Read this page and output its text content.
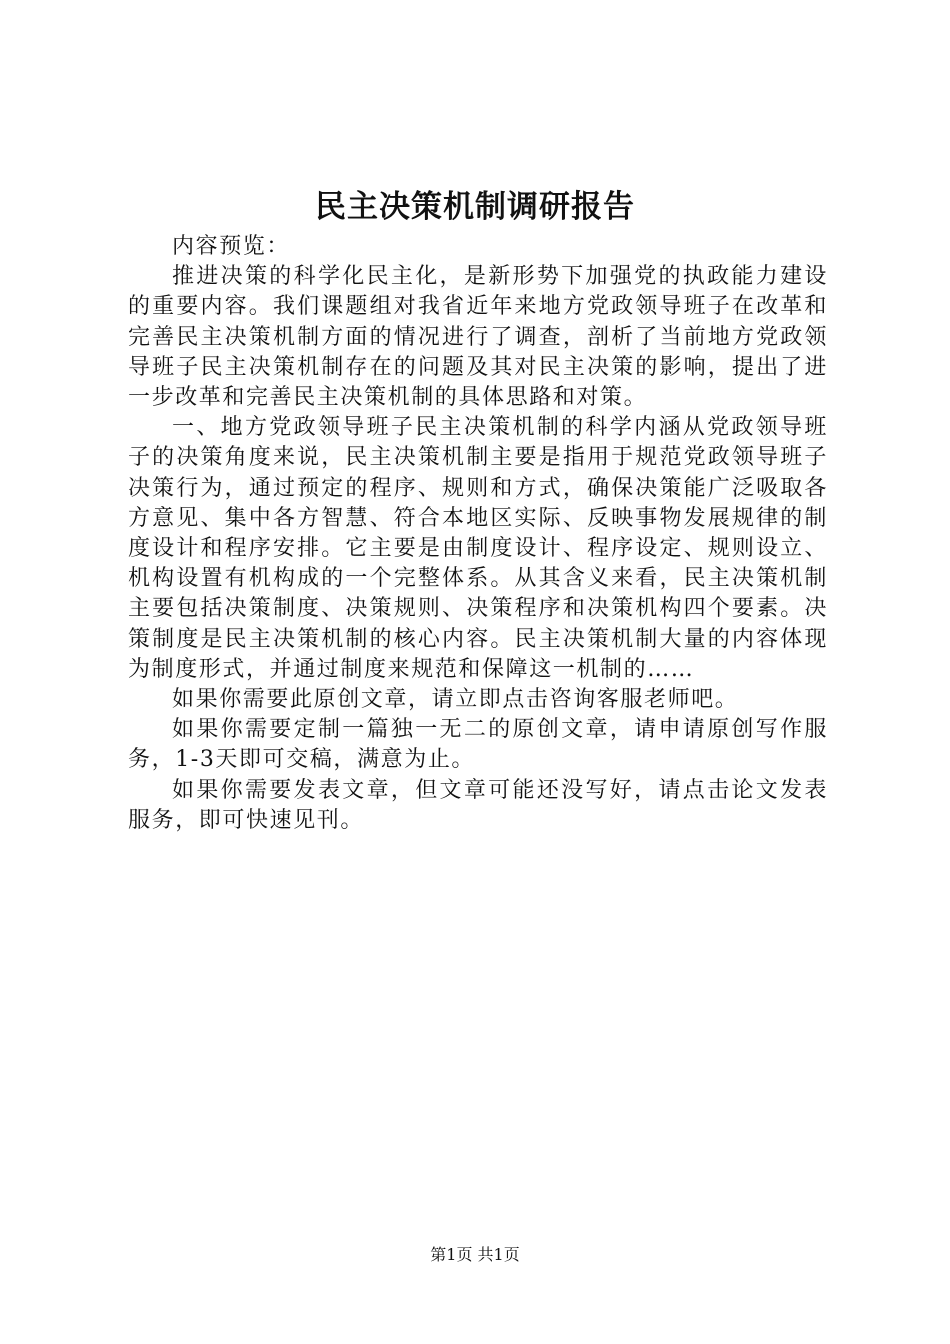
民主决策机制调研报告

内容预览：

推进决策的科学化民主化，是新形势下加强党的执政能力建设的重要内容。我们课题组对我省近年来地方党政领导班子在改革和完善民主决策机制方面的情况进行了调查，剖析了当前地方党政领导班子民主决策机制存在的问题及其对民主决策的影响，提出了进一步改革和完善民主决策机制的具体思路和对策。

一、地方党政领导班子民主决策机制的科学内涵从党政领导班子的决策角度来说，民主决策机制主要是指用于规范党政领导班子决策行为，通过预定的程序、规则和方式，确保决策能广泛吸取各方意见、集中各方智慧、符合本地区实际、反映事物发展规律的制度设计和程序安排。它主要是由制度设计、程序设定、规则设立、机构设置有机构成的一个完整体系。从其含义来看，民主决策机制主要包括决策制度、决策规则、决策程序和决策机构四个要素。决策制度是民主决策机制的核心内容。民主决策机制大量的内容体现为制度形式，并通过制度来规范和保障这一机制的……

如果你需要此原创文章，请立即点击咨询客服老师吧。

如果你需要定制一篇独一无二的原创文章，请申请原创写作服务，1-3天即可交稿，满意为止。

如果你需要发表文章，但文章可能还没写好，请点击论文发表服务，即可快速见刊。

第1页 共1页
